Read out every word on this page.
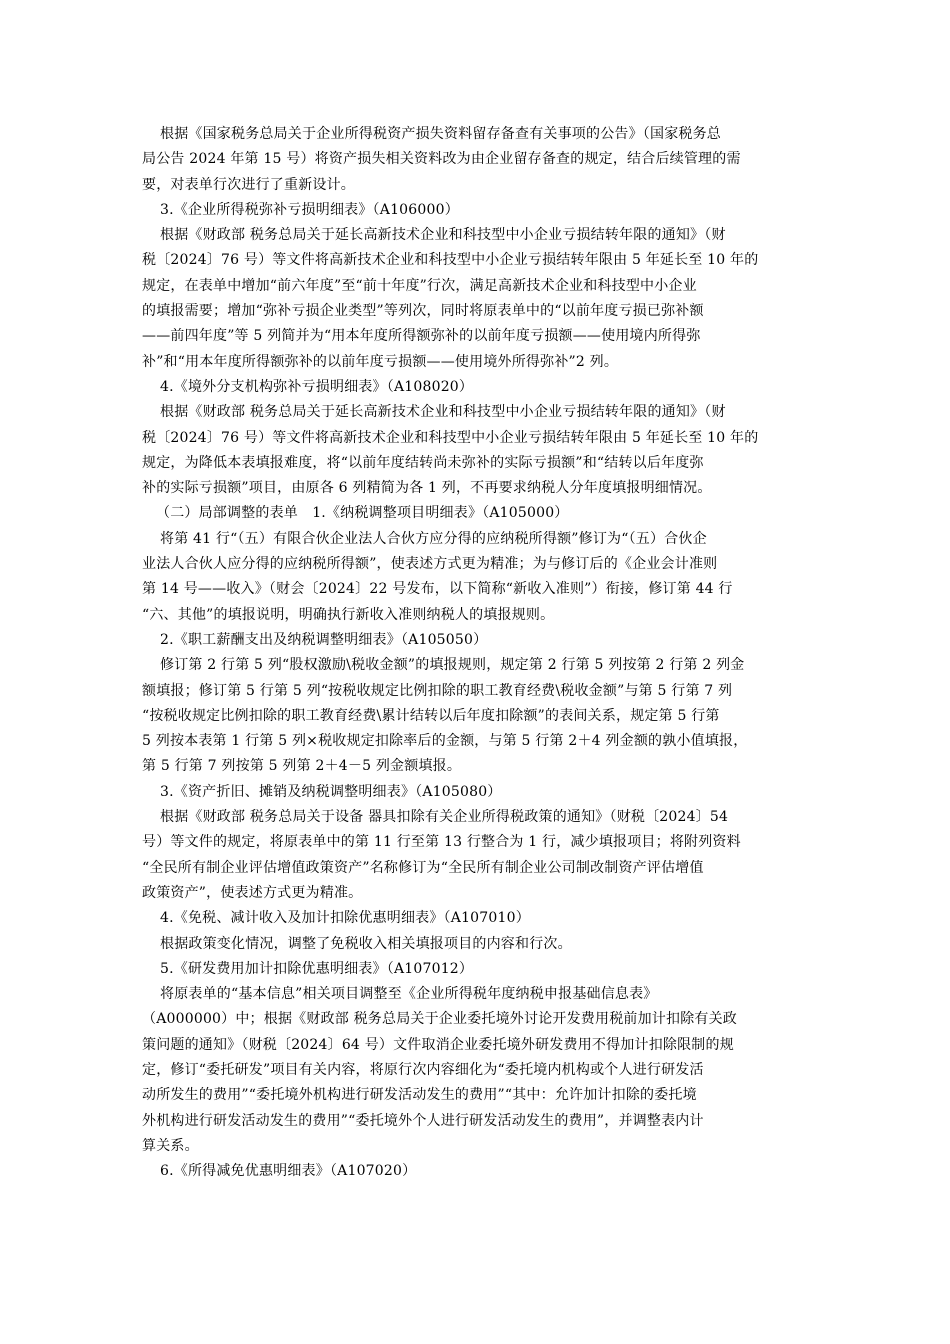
根据《国家税务总局关于企业所得税资产损失资料留存备查有关事项的公告》（国家税务总
局公告 2024 年第 15 号）将资产损失相关资料改为由企业留存备查的规定，结合后续管理的需
要，对表单行次进行了重新设计。
3.《企业所得税弥补亏损明细表》（A106000）
根据《财政部 税务总局关于延长高新技术企业和科技型中小企业亏损结转年限的通知》（财
税〔2024〕76 号）等文件将高新技术企业和科技型中小企业亏损结转年限由 5 年延长至 10 年的
规定，在表单中增加“前六年度”至“前十年度”行次，满足高新技术企业和科技型中小企业
的填报需要；增加“弥补亏损企业类型”等列次，同时将原表单中的“以前年度亏损已弥补额
——前四年度”等 5 列简并为“用本年度所得额弥补的以前年度亏损额——使用境内所得弥
补”和“用本年度所得额弥补的以前年度亏损额——使用境外所得弥补”2 列。
4.《境外分支机构弥补亏损明细表》（A108020）
根据《财政部 税务总局关于延长高新技术企业和科技型中小企业亏损结转年限的通知》（财
税〔2024〕76 号）等文件将高新技术企业和科技型中小企业亏损结转年限由 5 年延长至 10 年的
规定，为降低本表填报难度，将“以前年度结转尚未弥补的实际亏损额”和“结转以后年度弥
补的实际亏损额”项目，由原各 6 列精简为各 1 列，不再要求纳税人分年度填报明细情况。
（二）局部调整的表单　1.《纳税调整项目明细表》（A105000）
将第 41 行“（五）有限合伙企业法人合伙方应分得的应纳税所得额”修订为“（五）合伙企
业法人合伙人应分得的应纳税所得额”，使表述方式更为精准；为与修订后的《企业会计准则
第 14 号——收入》（财会〔2024〕22 号发布，以下简称“新收入准则”）衔接，修订第 44 行
“六、其他”的填报说明，明确执行新收入准则纳税人的填报规则。
2.《职工薪酬支出及纳税调整明细表》（A105050）
修订第 2 行第 5 列“股权激励\税收金额”的填报规则，规定第 2 行第 5 列按第 2 行第 2 列金
额填报；修订第 5 行第 5 列“按税收规定比例扣除的职工教育经费\税收金额”与第 5 行第 7 列
“按税收规定比例扣除的职工教育经费\累计结转以后年度扣除额”的表间关系，规定第 5 行第
5 列按本表第 1 行第 5 列×税收规定扣除率后的金额，与第 5 行第 2＋4 列金额的孰小值填报，
第 5 行第 7 列按第 5 列第 2＋4－5 列金额填报。
3.《资产折旧、摊销及纳税调整明细表》（A105080）
根据《财政部 税务总局关于设备 器具扣除有关企业所得税政策的通知》（财税〔2024〕54
号）等文件的规定，将原表单中的第 11 行至第 13 行整合为 1 行，减少填报项目；将附列资料
“全民所有制企业评估增值政策资产”名称修订为“全民所有制企业公司制改制资产评估增值
政策资产”，使表述方式更为精准。
4.《免税、减计收入及加计扣除优惠明细表》（A107010）
根据政策变化情况，调整了免税收入相关填报项目的内容和行次。
5.《研发费用加计扣除优惠明细表》（A107012）
将原表单的“基本信息”相关项目调整至《企业所得税年度纳税申报基础信息表》
（A000000）中；根据《财政部 税务总局关于企业委托境外讨论开发费用税前加计扣除有关政
策问题的通知》（财税〔2024〕64 号）文件取消企业委托境外研发费用不得加计扣除限制的规
定，修订“委托研发”项目有关内容，将原行次内容细化为“委托境内机构或个人进行研发活
动所发生的费用”“委托境外机构进行研发活动发生的费用”“其中：允许加计扣除的委托境
外机构进行研发活动发生的费用”“委托境外个人进行研发活动发生的费用”，并调整表内计
算关系。
6.《所得减免优惠明细表》（A107020）
